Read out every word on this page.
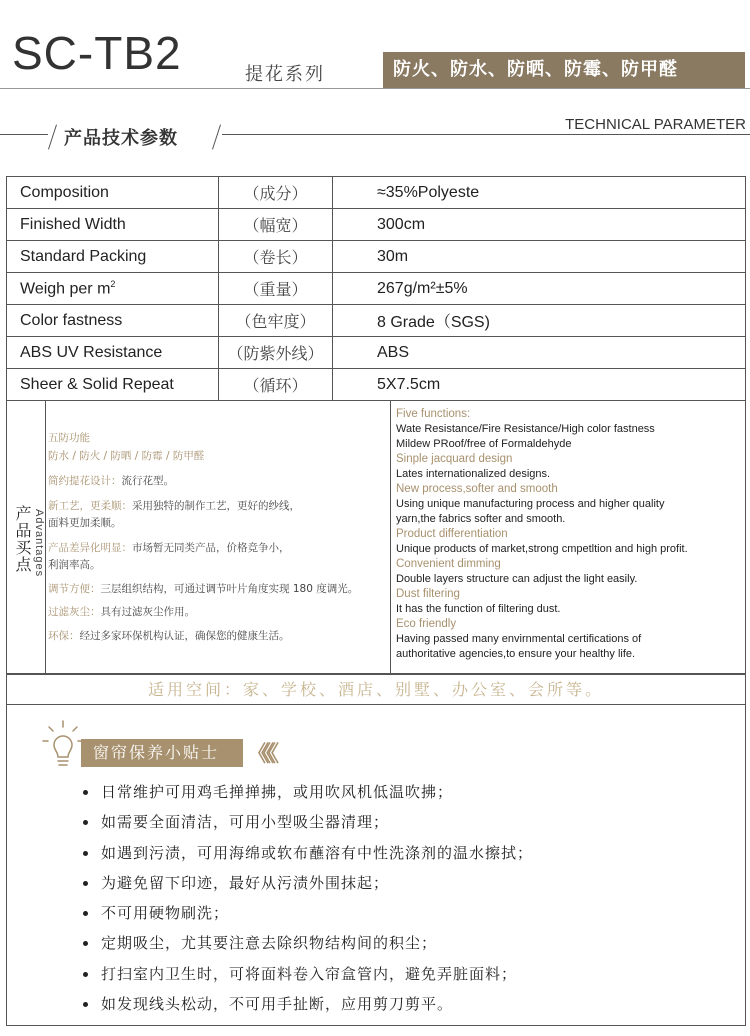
SC-TB2	提花系列	防火、防水、防晒、防霉、防甲醛
产品技术参数
TECHNICAL PARAMETER
Composition	（成分）	≈35%Polyeste
Finished Width	（幅宽）	300cm
Standard Packing	（卷长）	30m
Weigh per $m^2$	（重量）	267g/m²±5%
Color fastness	（色牢度）	8 Grade（SGS)
ABS UV Resistance	（防紫外线）	ABS
Sheer & Solid Repeat	（循环）	5X7.5cm
产品买点 Advantages
五防功能
防水 / 防火 / 防晒 / 防霉 / 防甲醛
简约提花设计：流行花型。
新工艺，更柔顺：采用独特的制作工艺，更好的纱线，
面料更加柔顺。
产品差异化明显：市场暂无同类产品，价格竞争小，
利润率高。
调节方便：三层组织结构，可通过调节叶片角度实现 180 度调光。
过滤灰尘：具有过滤灰尘作用。
环保：经过多家环保机构认证，确保您的健康生活。
Five functions:
Wate Resistance/Fire Resistance/High color fastness
Mildew PRoof/free of Formaldehyde
Sinple jacquard design
Lates internationalized designs.
New process,softer and smooth
Using unique manufacturing process and higher quality
yarn,the fabrics softer and smooth.
Product differentiation
Unique products of market,strong cmpetltion and high profit.
Convenient dimming
Double layers structure can adjust the light easily.
Dust filtering
It has the function of filtering dust.
Eco friendly
Having passed many envirnmental certifications of
authoritative agencies,to ensure your healthy life.
适用空间：家、学校、酒店、别墅、办公室、会所等。
窗帘保养小贴士	《《《
日常维护可用鸡毛掸掸拂，或用吹风机低温吹拂；
如需要全面清洁，可用小型吸尘器清理；
如遇到污渍，可用海绵或软布蘸溶有中性洗涤剂的温水擦拭；
为避免留下印迹，最好从污渍外围抹起；
不可用硬物刷洗；
定期吸尘，尤其要注意去除织物结构间的积尘；
打扫室内卫生时，可将面料卷入帘盒管内，避免弄脏面料；
如发现线头松动，不可用手扯断，应用剪刀剪平。
